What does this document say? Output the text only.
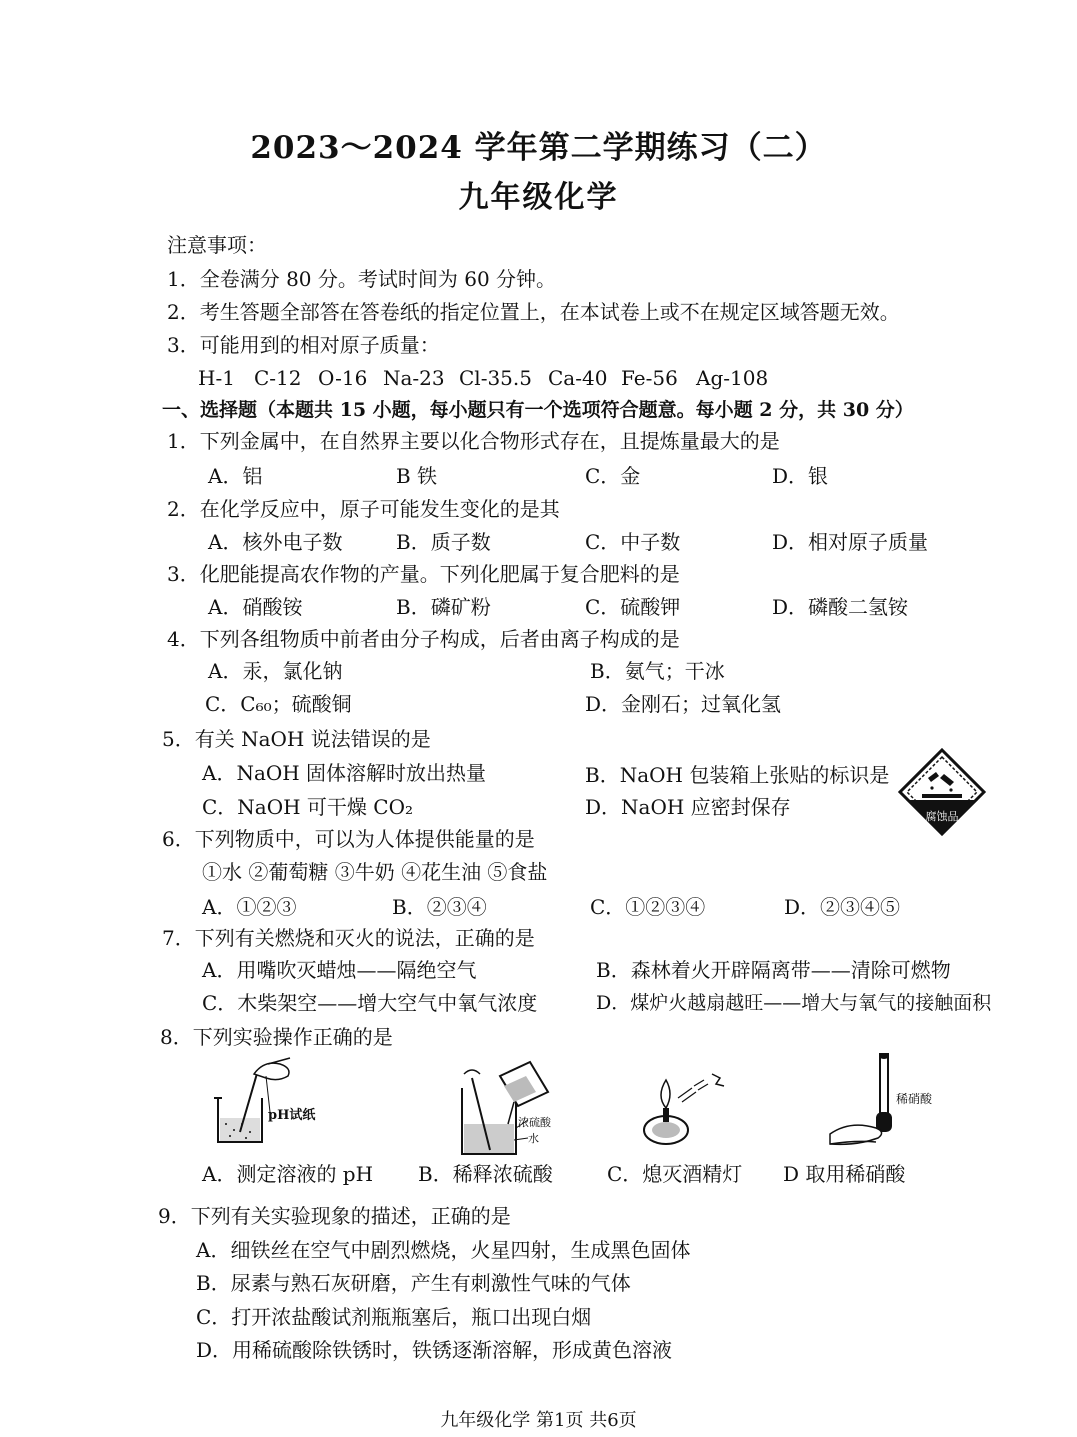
2023～2024 学年第二学期练习（二）
九年级化学
注意事项：
1．全卷满分 80 分。考试时间为 60 分钟。
2．考生答题全部答在答卷纸的指定位置上，在本试卷上或不在规定区域答题无效。
3．可能用到的相对原子质量：
H-1 C-12 O-16 Na-23 Cl-35.5 Ca-40 Fe-56 Ag-108
一、选择题（本题共 15 小题，每小题只有一个选项符合题意。每小题 2 分，共 30 分）
1．下列金属中，在自然界主要以化合物形式存在，且提炼量最大的是
A．铝	B 铁	C．金	D．银
2．在化学反应中，原子可能发生变化的是其
A．核外电子数	B．质子数	C．中子数	D．相对原子质量
3．化肥能提高农作物的产量。下列化肥属于复合肥料的是
A．硝酸铵	B．磷矿粉	C．硫酸钾	D．磷酸二氢铵
4．下列各组物质中前者由分子构成，后者由离子构成的是
A．汞，氯化钠	B．氨气；干冰
C．C₆₀；硫酸铜	D．金刚石；过氧化氢
5．有关 NaOH 说法错误的是
A．NaOH 固体溶解时放出热量	B．NaOH 包装箱上张贴的标识是
C．NaOH 可干燥 CO₂	D．NaOH 应密封保存	腐蚀品
6．下列物质中，可以为人体提供能量的是
①水 ②葡萄糖 ③牛奶 ④花生油 ⑤食盐
A．①②③	B．②③④	C．①②③④	D．②③④⑤
7．下列有关燃烧和灭火的说法，正确的是
A．用嘴吹灭蜡烛——隔绝空气	B．森林着火开辟隔离带——清除可燃物
C．木柴架空——增大空气中氧气浓度	D．煤炉火越扇越旺——增大与氧气的接触面积
8．下列实验操作正确的是
pH试纸	浓硫酸
水
稀硝酸
A．测定溶液的 pH B．稀释浓硫酸	C．熄灭酒精灯 D 取用稀硝酸
9．下列有关实验现象的描述，正确的是
A．细铁丝在空气中剧烈燃烧，火星四射，生成黑色固体
B．尿素与熟石灰研磨，产生有刺激性气味的气体
C．打开浓盐酸试剂瓶瓶塞后，瓶口出现白烟
D．用稀硫酸除铁锈时，铁锈逐渐溶解，形成黄色溶液
九年级化学 第1页 共6页
